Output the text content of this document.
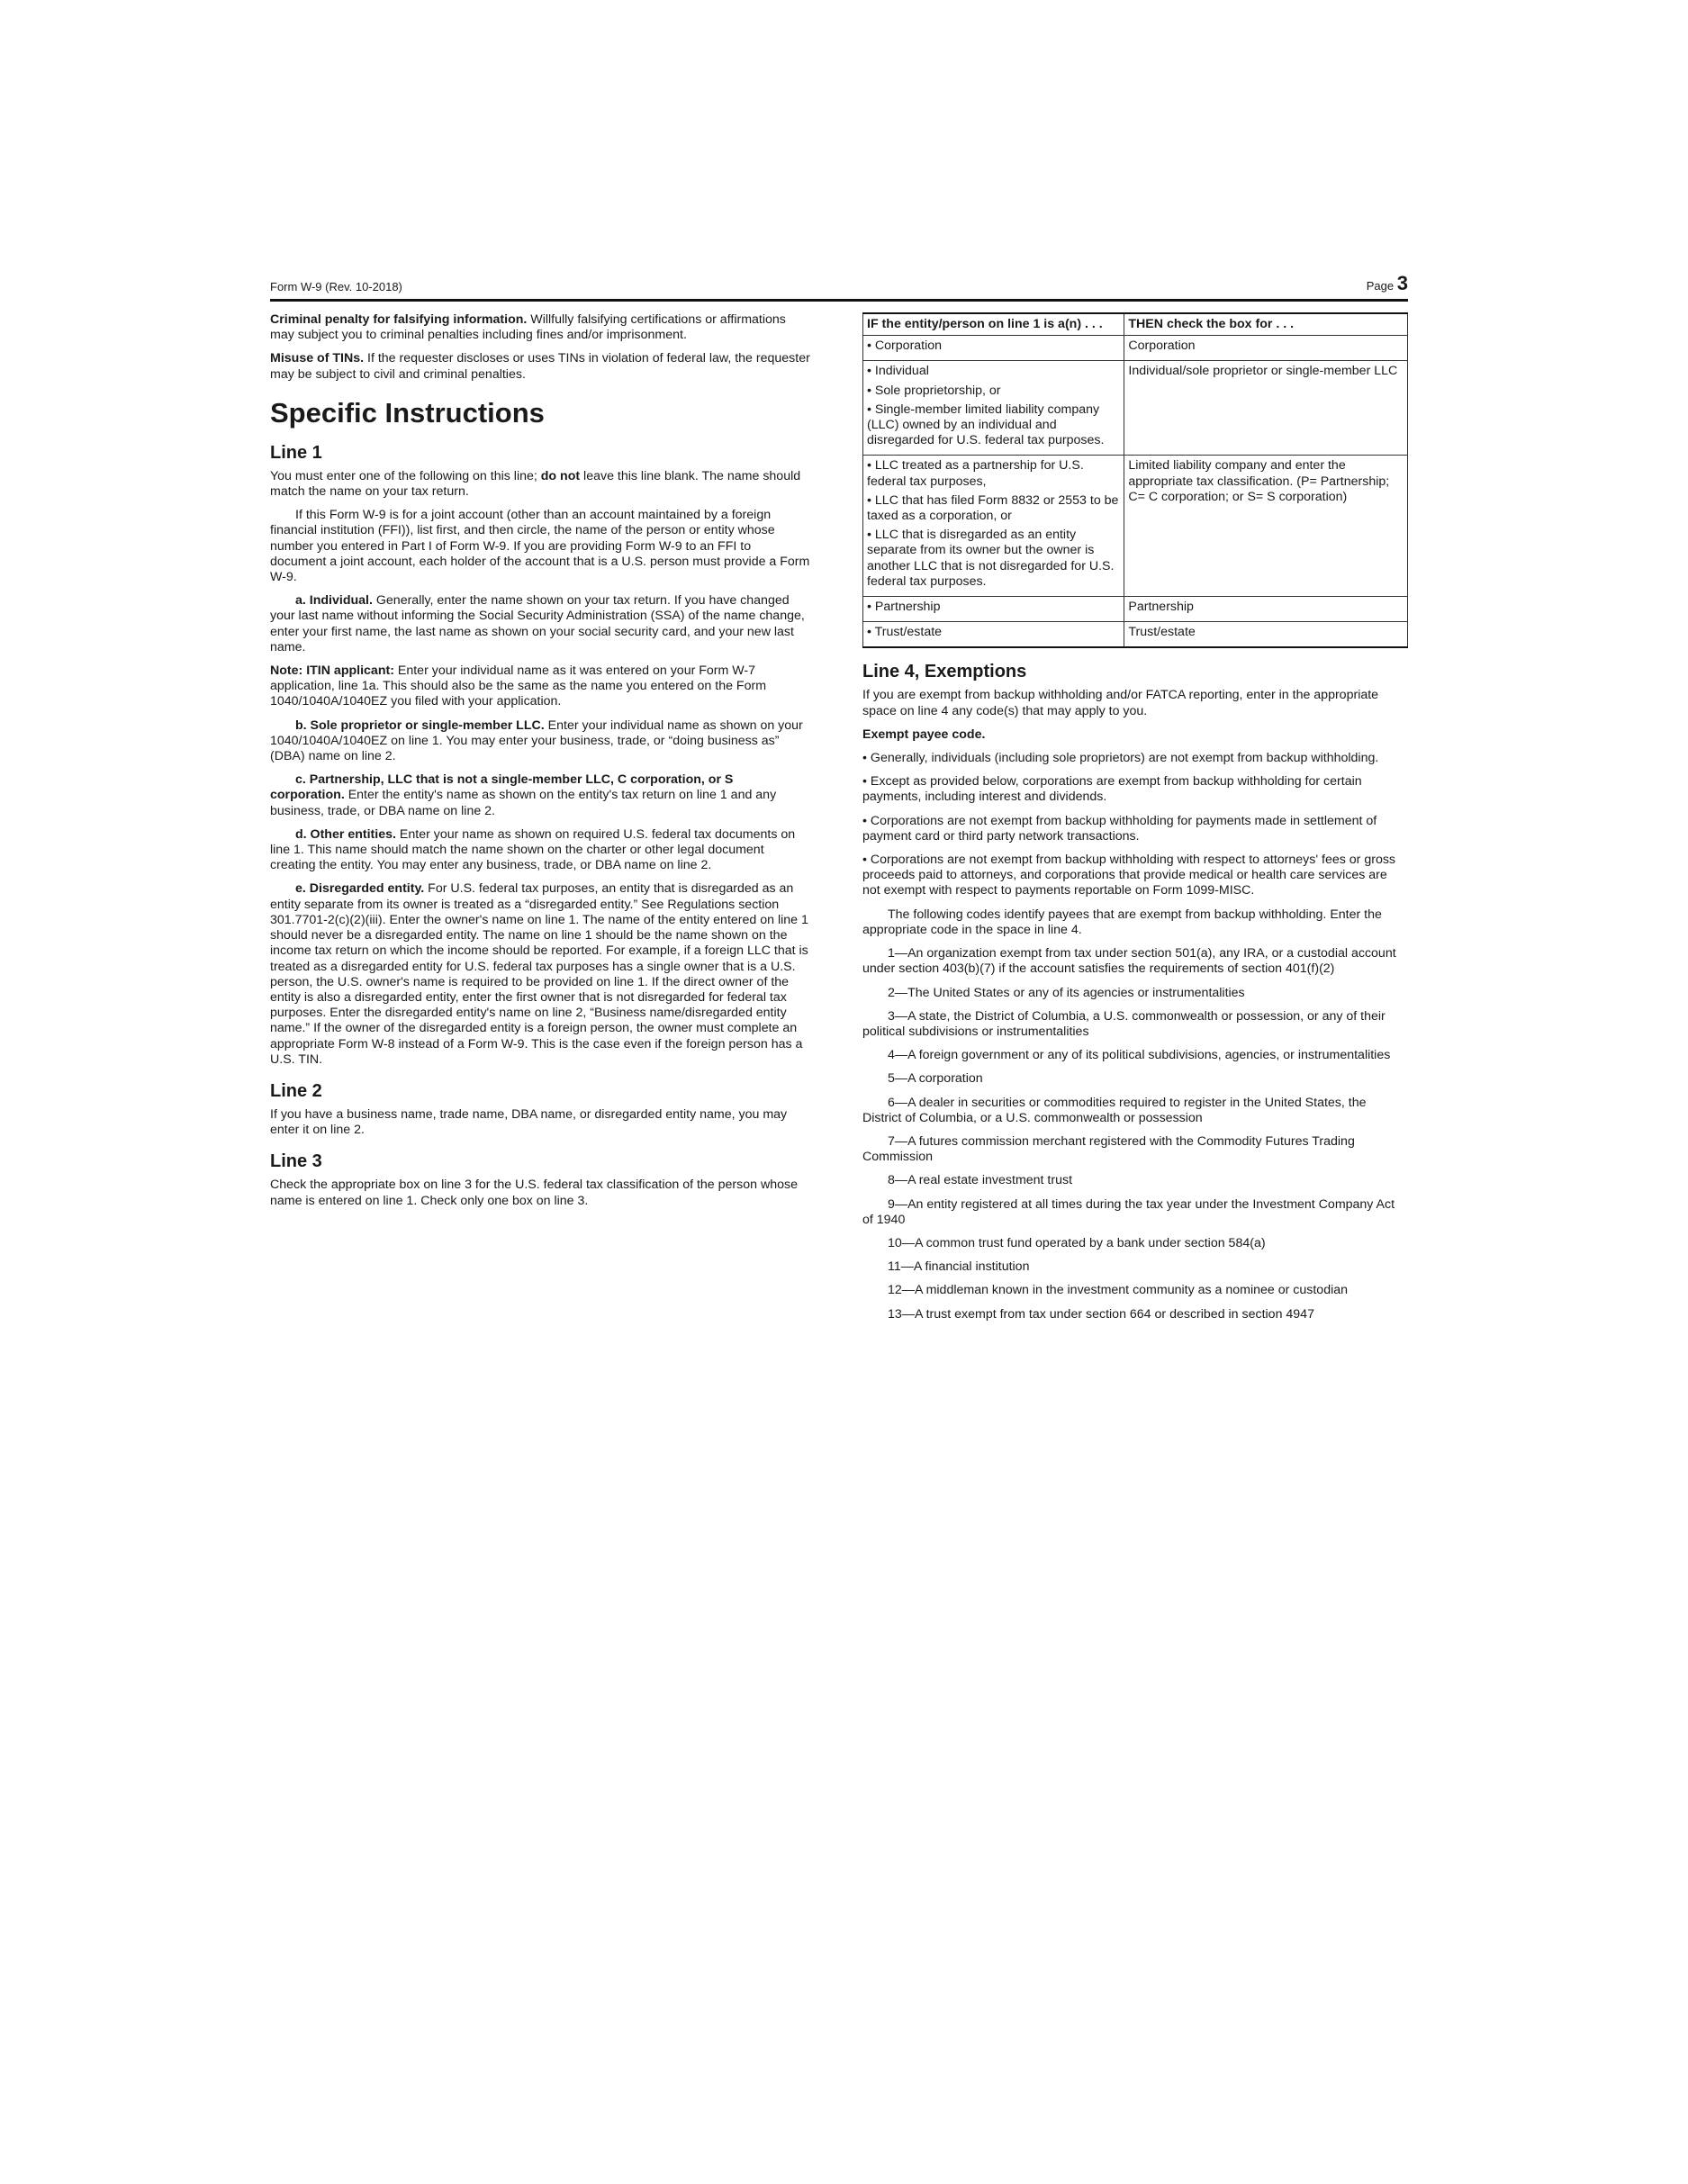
Form W-9 (Rev. 10-2018)	Page 3

Criminal penalty for falsifying information. Willfully falsifying certifications or affirmations may subject you to criminal penalties including fines and/or imprisonment.

Misuse of TINs. If the requester discloses or uses TINs in violation of federal law, the requester may be subject to civil and criminal penalties.

Specific Instructions
Line 1

You must enter one of the following on this line; do not leave this line blank. The name should match the name on your tax return.

If this Form W-9 is for a joint account (other than an account maintained by a foreign financial institution (FFI)), list first, and then circle, the name of the person or entity whose number you entered in Part I of Form W-9. If you are providing Form W-9 to an FFI to document a joint account, each holder of the account that is a U.S. person must provide a Form W-9.

a. Individual. Generally, enter the name shown on your tax return. If you have changed your last name without informing the Social Security Administration (SSA) of the name change, enter your first name, the last name as shown on your social security card, and your new last name.

Note: ITIN applicant: Enter your individual name as it was entered on your Form W-7 application, line 1a. This should also be the same as the name you entered on the Form 1040/1040A/1040EZ you filed with your application.

b. Sole proprietor or single-member LLC. Enter your individual name as shown on your 1040/1040A/1040EZ on line 1. You may enter your business, trade, or “doing business as” (DBA) name on line 2.

c. Partnership, LLC that is not a single-member LLC, C corporation, or S corporation. Enter the entity's name as shown on the entity's tax return on line 1 and any business, trade, or DBA name on line 2.

d. Other entities. Enter your name as shown on required U.S. federal tax documents on line 1. This name should match the name shown on the charter or other legal document creating the entity. You may enter any business, trade, or DBA name on line 2.

e. Disregarded entity. For U.S. federal tax purposes, an entity that is disregarded as an entity separate from its owner is treated as a “disregarded entity.” See Regulations section 301.7701-2(c)(2)(iii). Enter the owner's name on line 1. The name of the entity entered on line 1 should never be a disregarded entity. The name on line 1 should be the name shown on the income tax return on which the income should be reported. For example, if a foreign LLC that is treated as a disregarded entity for U.S. federal tax purposes has a single owner that is a U.S. person, the U.S. owner's name is required to be provided on line 1. If the direct owner of the entity is also a disregarded entity, enter the first owner that is not disregarded for federal tax purposes. Enter the disregarded entity's name on line 2, “Business name/disregarded entity name.” If the owner of the disregarded entity is a foreign person, the owner must complete an appropriate Form W-8 instead of a Form W-9. This is the case even if the foreign person has a U.S. TIN.

Line 2

If you have a business name, trade name, DBA name, or disregarded entity name, you may enter it on line 2.

Line 3

Check the appropriate box on line 3 for the U.S. federal tax classification of the person whose name is entered on line 1. Check only one box on line 3.

IF the entity/person on line 1 is a(n) . . .	THEN check the box for . . .

• Corporation	Corporation

• Individual

• Sole proprietorship, or

• Single-member limited liability company (LLC) owned by an individual and disregarded for U.S. federal tax purposes.	Individual/sole proprietor or single-member LLC

• LLC treated as a partnership for U.S. federal tax purposes,

• LLC that has filed Form 8832 or 2553 to be taxed as a corporation, or

• LLC that is disregarded as an entity separate from its owner but the owner is another LLC that is not disregarded for U.S. federal tax purposes.	Limited liability company and enter the appropriate tax classification. (P= Partnership; C= C corporation; or S= S corporation)

• Partnership	Partnership

• Trust/estate	Trust/estate
Line 4, Exemptions

If you are exempt from backup withholding and/or FATCA reporting, enter in the appropriate space on line 4 any code(s) that may apply to you.

Exempt payee code.

• Generally, individuals (including sole proprietors) are not exempt from backup withholding.

• Except as provided below, corporations are exempt from backup withholding for certain payments, including interest and dividends.

• Corporations are not exempt from backup withholding for payments made in settlement of payment card or third party network transactions.

• Corporations are not exempt from backup withholding with respect to attorneys' fees or gross proceeds paid to attorneys, and corporations that provide medical or health care services are not exempt with respect to payments reportable on Form 1099-MISC.

The following codes identify payees that are exempt from backup withholding. Enter the appropriate code in the space in line 4.

1—An organization exempt from tax under section 501(a), any IRA, or a custodial account under section 403(b)(7) if the account satisfies the requirements of section 401(f)(2)

2—The United States or any of its agencies or instrumentalities

3—A state, the District of Columbia, a U.S. commonwealth or possession, or any of their political subdivisions or instrumentalities

4—A foreign government or any of its political subdivisions, agencies, or instrumentalities

5—A corporation

6—A dealer in securities or commodities required to register in the United States, the District of Columbia, or a U.S. commonwealth or possession

7—A futures commission merchant registered with the Commodity Futures Trading Commission

8—A real estate investment trust

9—An entity registered at all times during the tax year under the Investment Company Act of 1940

10—A common trust fund operated by a bank under section 584(a)

11—A financial institution

12—A middleman known in the investment community as a nominee or custodian

13—A trust exempt from tax under section 664 or described in section 4947
